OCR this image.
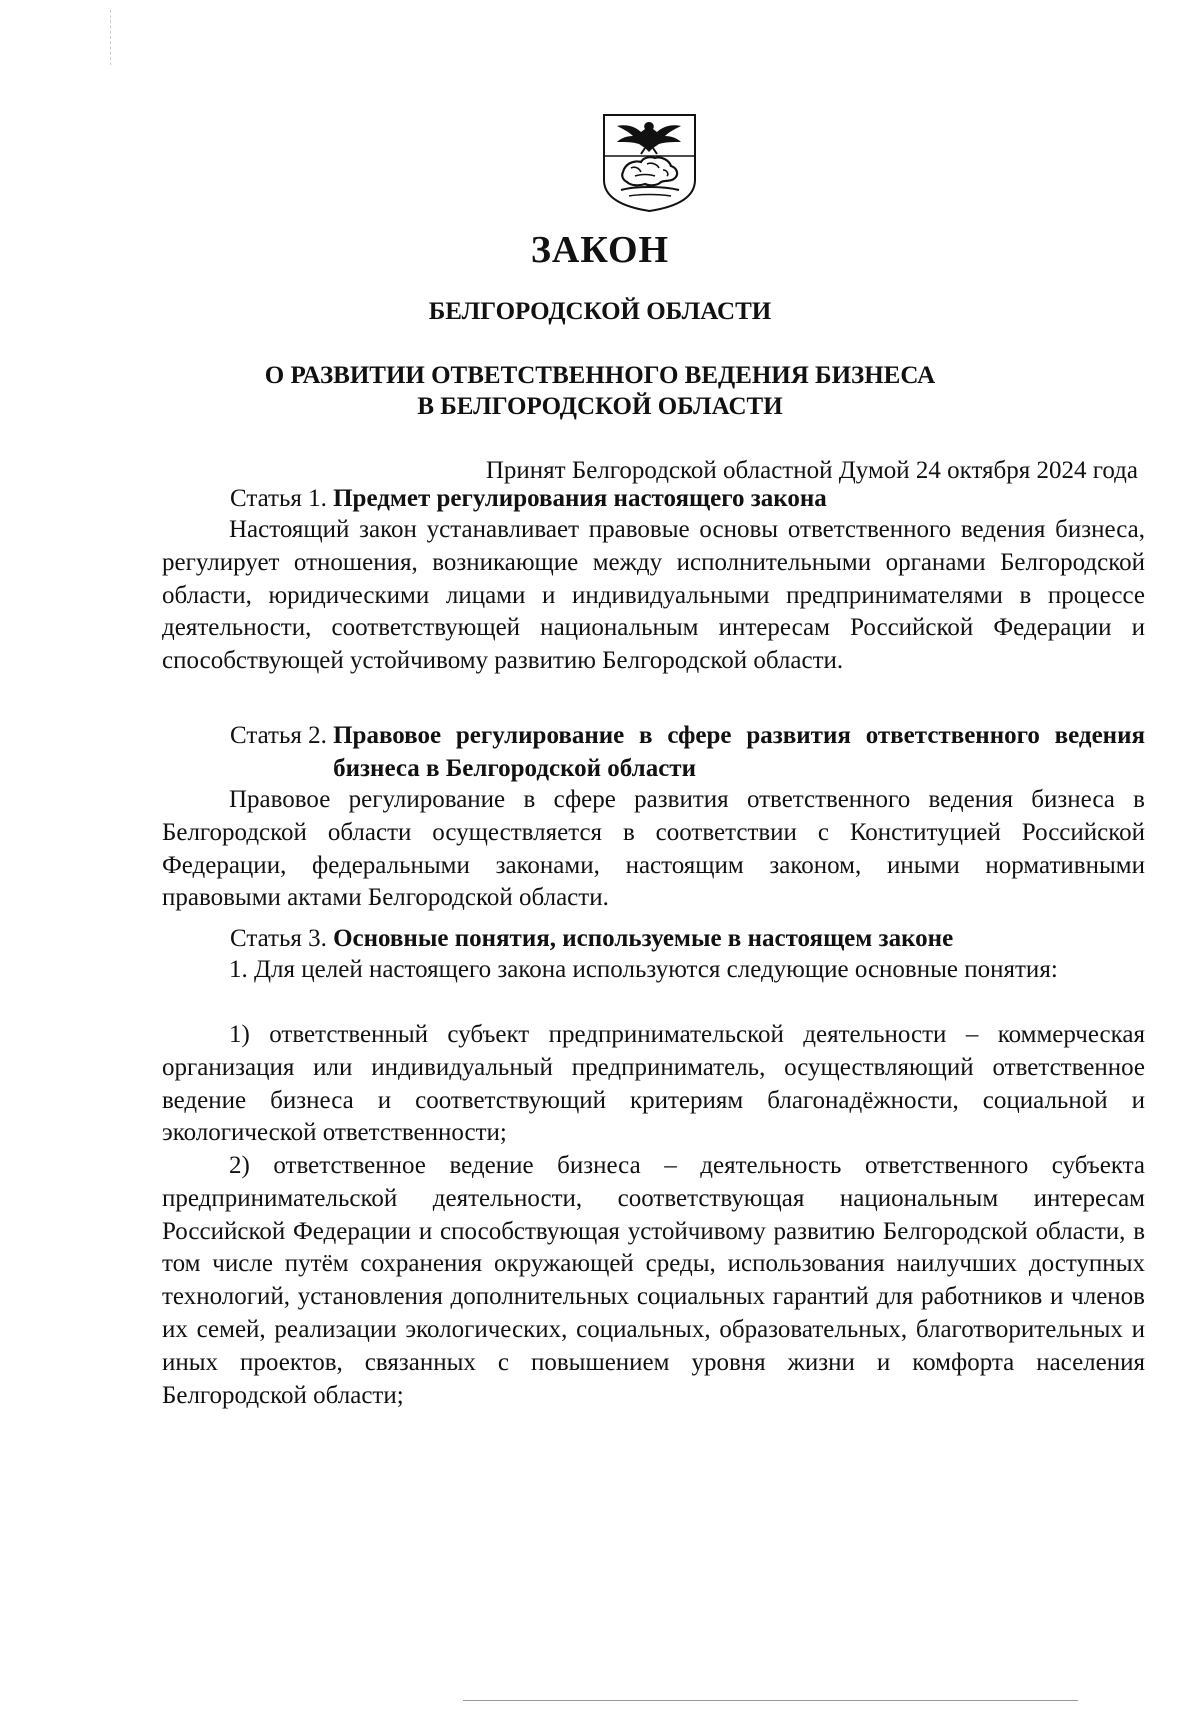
ЗАКОН
БЕЛГОРОДСКОЙ ОБЛАСТИ
О РАЗВИТИИ ОТВЕТСТВЕННОГО ВЕДЕНИЯ БИЗНЕСА
В БЕЛГОРОДСКОЙ ОБЛАСТИ
Принят Белгородской областной Думой 24 октября 2024 года
Статья 1. Предмет регулирования настоящего закона
Настоящий закон устанавливает правовые основы ответственного ведения бизнеса, регулирует отношения, возникающие между исполнительными органами Белгородской области, юридическими лицами и индивидуальными предпринимателями в процессе деятельности, соответствующей национальным интересам Российской Федерации и способствующей устойчивому развитию Белгородской области.
Статья 2. Правовое регулирование в сфере развития ответственного ведения бизнеса в Белгородской области
Правовое регулирование в сфере развития ответственного ведения бизнеса в Белгородской области осуществляется в соответствии с Конституцией Российской Федерации, федеральными законами, настоящим законом, иными нормативными правовыми актами Белгородской области.
Статья 3. Основные понятия, используемые в настоящем законе
1. Для целей настоящего закона используются следующие основные понятия:
1) ответственный субъект предпринимательской деятельности – коммерческая организация или индивидуальный предприниматель, осуществляющий ответственное ведение бизнеса и соответствующий критериям благонадёжности, социальной и экологической ответственности;
2) ответственное ведение бизнеса – деятельность ответственного субъекта предпринимательской деятельности, соответствующая национальным интересам Российской Федерации и способствующая устойчивому развитию Белгородской области, в том числе путём сохранения окружающей среды, использования наилучших доступных технологий, установления дополнительных социальных гарантий для работников и членов их семей, реализации экологических, социальных, образовательных, благотворительных и иных проектов, связанных с повышением уровня жизни и комфорта населения Белгородской области;
